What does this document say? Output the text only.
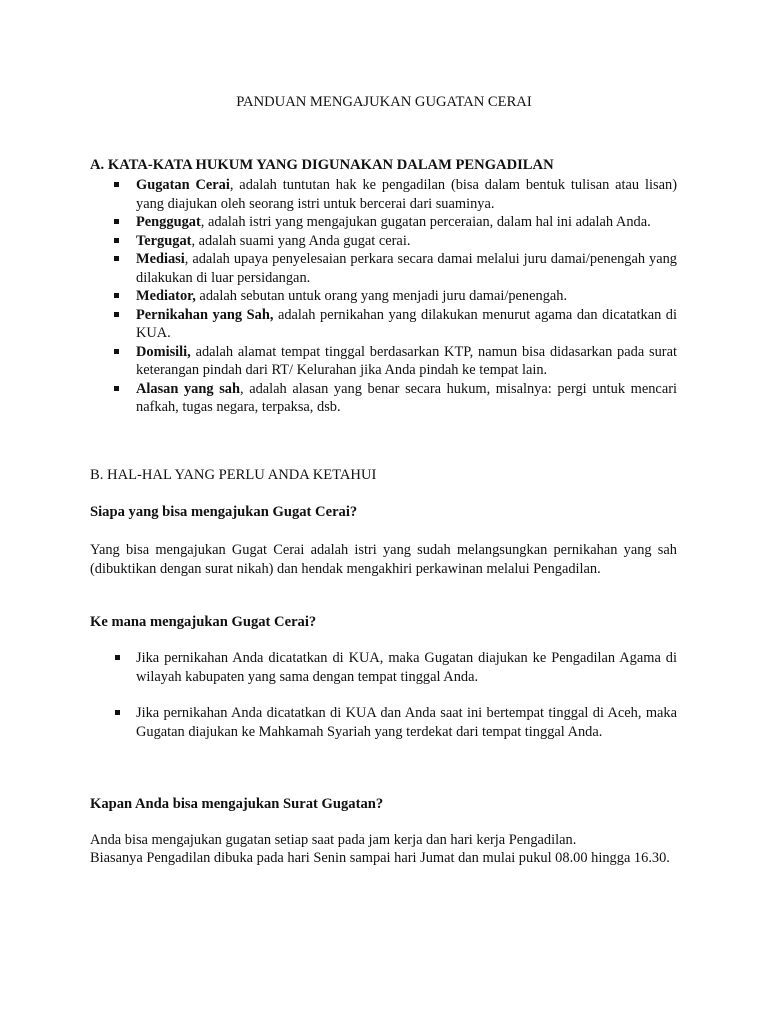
PANDUAN MENGAJUKAN GUGATAN CERAI
A. KATA-KATA HUKUM YANG DIGUNAKAN DALAM PENGADILAN
Gugatan Cerai, adalah tuntutan hak ke pengadilan (bisa dalam bentuk tulisan atau lisan) yang diajukan oleh seorang istri untuk bercerai dari suaminya.
Penggugat, adalah istri yang mengajukan gugatan perceraian, dalam hal ini adalah Anda.
Tergugat, adalah suami yang Anda gugat cerai.
Mediasi, adalah upaya penyelesaian perkara secara damai melalui juru damai/penengah yang dilakukan di luar persidangan.
Mediator, adalah sebutan untuk orang yang menjadi juru damai/penengah.
Pernikahan yang Sah, adalah pernikahan yang dilakukan menurut agama dan dicatatkan di KUA.
Domisili, adalah alamat tempat tinggal berdasarkan KTP, namun bisa didasarkan pada surat keterangan pindah dari RT/ Kelurahan jika Anda pindah ke tempat lain.
Alasan yang sah, adalah alasan yang benar secara hukum, misalnya: pergi untuk mencari nafkah, tugas negara, terpaksa, dsb.
B. HAL-HAL YANG PERLU ANDA KETAHUI
Siapa yang bisa mengajukan Gugat Cerai?
Yang bisa mengajukan Gugat Cerai adalah istri yang sudah melangsungkan pernikahan yang sah (dibuktikan dengan surat nikah) dan hendak mengakhiri perkawinan melalui Pengadilan.
Ke mana mengajukan Gugat Cerai?
Jika pernikahan Anda dicatatkan di KUA, maka Gugatan diajukan ke Pengadilan Agama di wilayah kabupaten yang sama dengan tempat tinggal Anda.
Jika pernikahan Anda dicatatkan di KUA dan Anda saat ini bertempat tinggal di Aceh, maka Gugatan diajukan ke Mahkamah Syariah yang terdekat dari tempat tinggal Anda.
Kapan Anda bisa mengajukan Surat Gugatan?
Anda bisa mengajukan gugatan setiap saat pada jam kerja dan hari kerja Pengadilan.
Biasanya Pengadilan dibuka pada hari Senin sampai hari Jumat dan mulai pukul 08.00 hingga 16.30.
